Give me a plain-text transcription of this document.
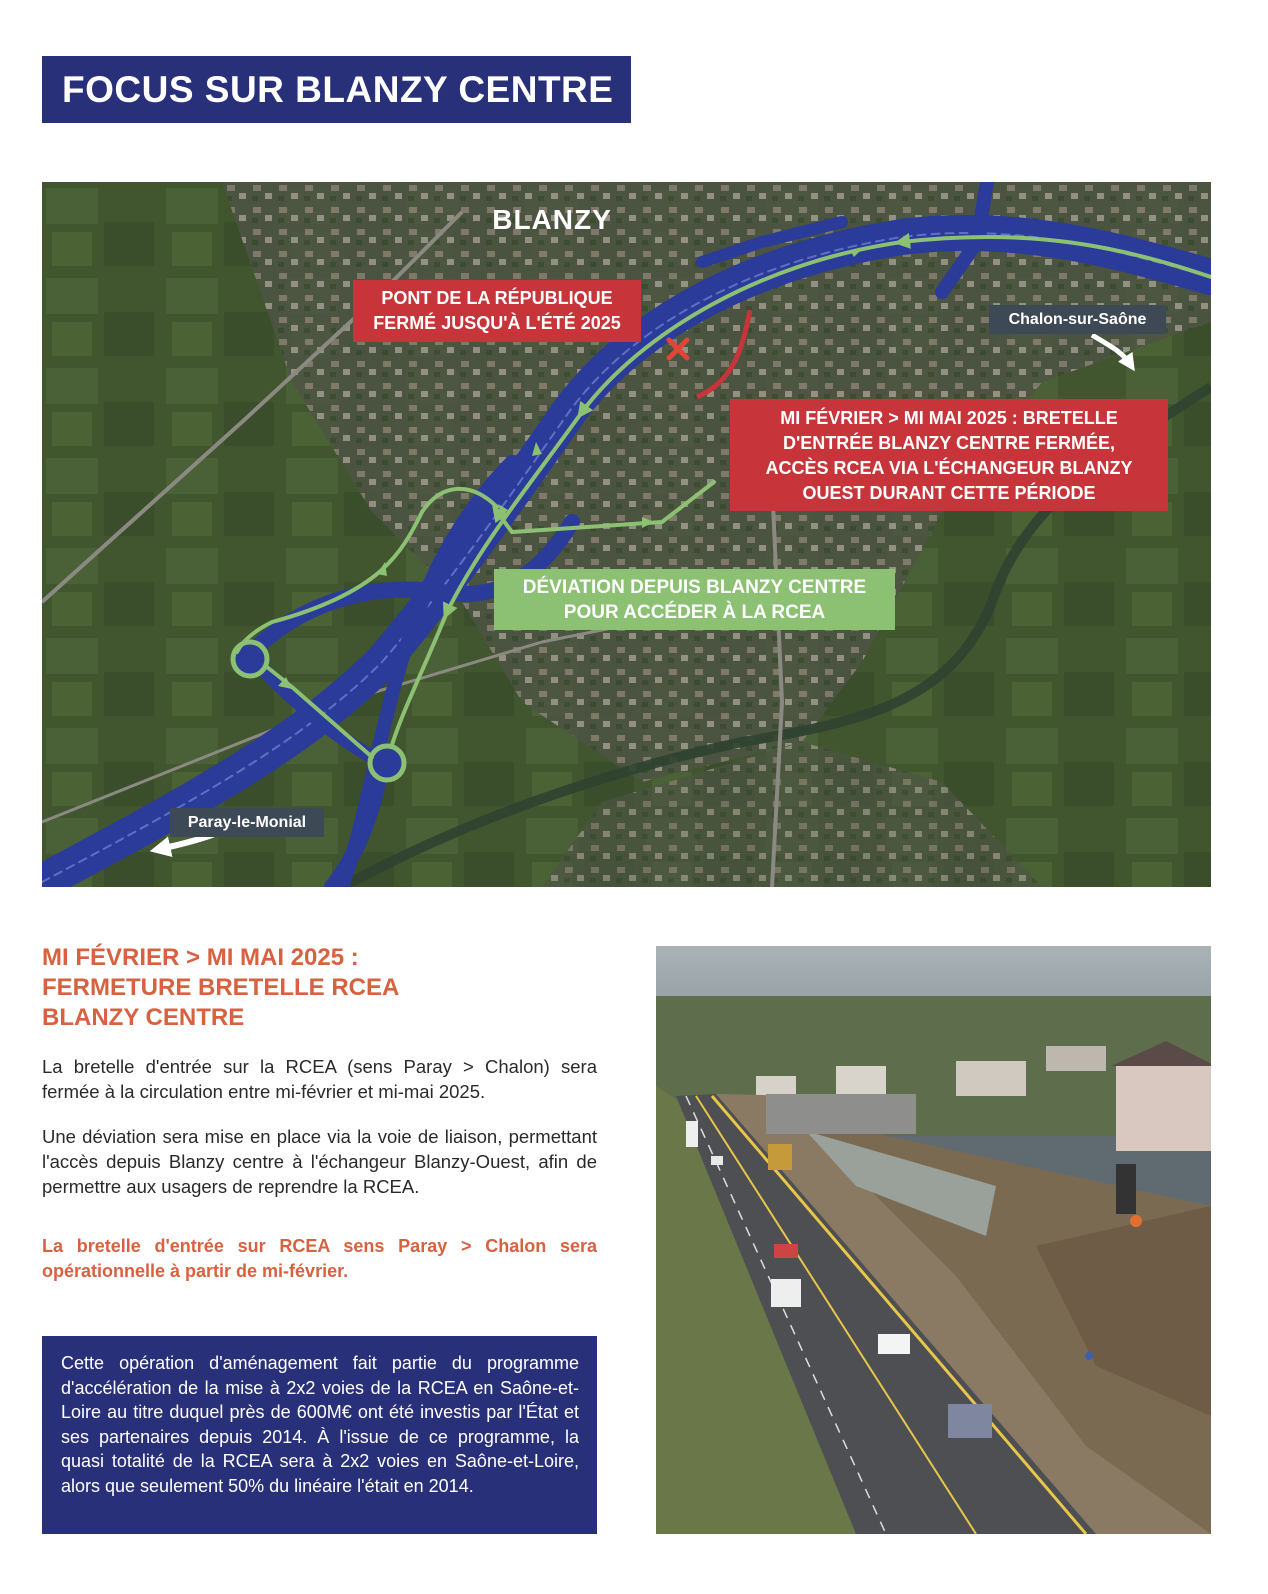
FOCUS SUR BLANZY CENTRE
BLANZY
PONT DE LA RÉPUBLIQUE
FERMÉ JUSQU'À L'ÉTÉ 2025
MI FÉVRIER > MI MAI 2025 : BRETELLE
D'ENTRÉE BLANZY CENTRE FERMÉE,
ACCÈS RCEA VIA L'ÉCHANGEUR BLANZY
OUEST DURANT CETTE PÉRIODE
DÉVIATION DEPUIS BLANZY CENTRE
POUR ACCÉDER À LA RCEA
Chalon-sur-Saône
Paray-le-Monial
MI FÉVRIER > MI MAI 2025 :
FERMETURE BRETELLE RCEA
BLANZY CENTRE
La bretelle d'entrée sur la RCEA (sens Paray > Chalon) sera fermée à la circulation entre mi-février et mi-mai 2025.
Une déviation sera mise en place via la voie de liaison, permettant l'accès depuis Blanzy centre à l'échangeur Blanzy-Ouest, afin de permettre aux usagers de reprendre la RCEA.
La bretelle d'entrée sur RCEA sens Paray > Chalon sera opérationnelle à partir de mi-février.
Cette opération d'aménagement fait partie du programme d'accélération de la mise à 2x2 voies de la RCEA en Saône-et-Loire au titre duquel près de 600M€ ont été investis par l'État et ses partenaires depuis 2014. À l'issue de ce programme, la quasi totalité de la RCEA sera à 2x2 voies en Saône-et-Loire, alors que seulement 50% du linéaire l'était en 2014.
